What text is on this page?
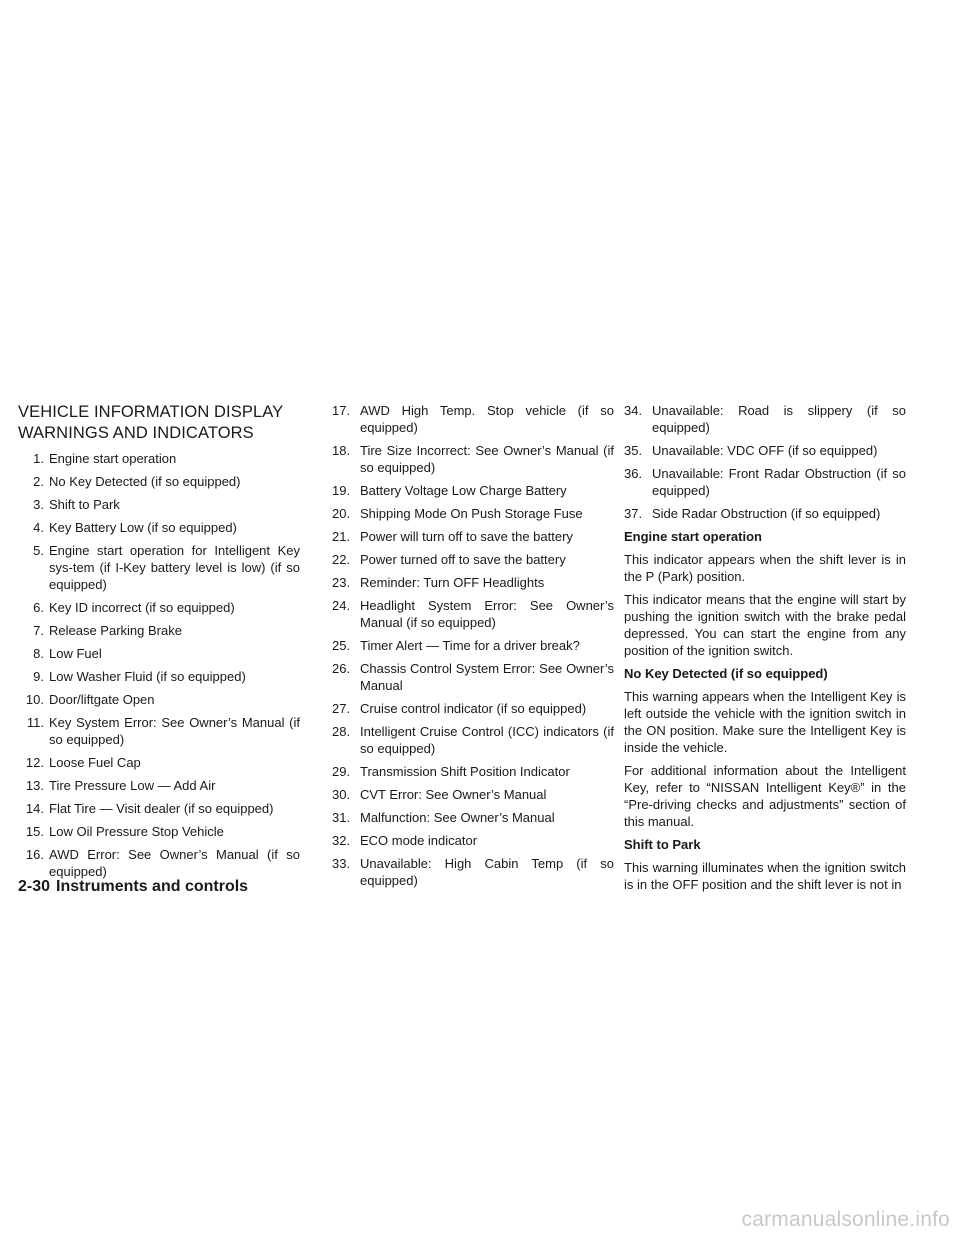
VEHICLE INFORMATION DISPLAY
WARNINGS AND INDICATORS
1. Engine start operation
2. No Key Detected (if so equipped)
3. Shift to Park
4. Key Battery Low (if so equipped)
5. Engine start operation for Intelligent Key sys-tem (if I-Key battery level is low) (if so equipped)
6. Key ID incorrect (if so equipped)
7. Release Parking Brake
8. Low Fuel
9. Low Washer Fluid (if so equipped)
10. Door/liftgate Open
11. Key System Error: See Owner’s Manual (if so equipped)
12. Loose Fuel Cap
13. Tire Pressure Low — Add Air
14. Flat Tire — Visit dealer (if so equipped)
15. Low Oil Pressure Stop Vehicle
16. AWD Error: See Owner’s Manual (if so equipped)
17. AWD High Temp. Stop vehicle (if so equipped)
18. Tire Size Incorrect: See Owner’s Manual (if so equipped)
19. Battery Voltage Low Charge Battery
20. Shipping Mode On Push Storage Fuse
21. Power will turn off to save the battery
22. Power turned off to save the battery
23. Reminder: Turn OFF Headlights
24. Headlight System Error: See Owner’s Manual (if so equipped)
25. Timer Alert — Time for a driver break?
26. Chassis Control System Error: See Owner’s Manual
27. Cruise control indicator (if so equipped)
28. Intelligent Cruise Control (ICC) indicators (if so equipped)
29. Transmission Shift Position Indicator
30. CVT Error: See Owner’s Manual
31. Malfunction: See Owner’s Manual
32. ECO mode indicator
33. Unavailable: High Cabin Temp (if so equipped)
34. Unavailable: Road is slippery (if so equipped)
35. Unavailable: VDC OFF (if so equipped)
36. Unavailable: Front Radar Obstruction (if so equipped)
37. Side Radar Obstruction (if so equipped)
Engine start operation

This indicator appears when the shift lever is in the P (Park) position.

This indicator means that the engine will start by pushing the ignition switch with the brake pedal depressed. You can start the engine from any position of the ignition switch.

No Key Detected (if so equipped)

This warning appears when the Intelligent Key is left outside the vehicle with the ignition switch in the ON position. Make sure the Intelligent Key is inside the vehicle.

For additional information about the Intelligent Key, refer to “NISSAN Intelligent Key®” in the “Pre-driving checks and adjustments” section of this manual.

Shift to Park

This warning illuminates when the ignition switch is in the OFF position and the shift lever is not in

2-30 Instruments and controls
carmanualsonline.info
